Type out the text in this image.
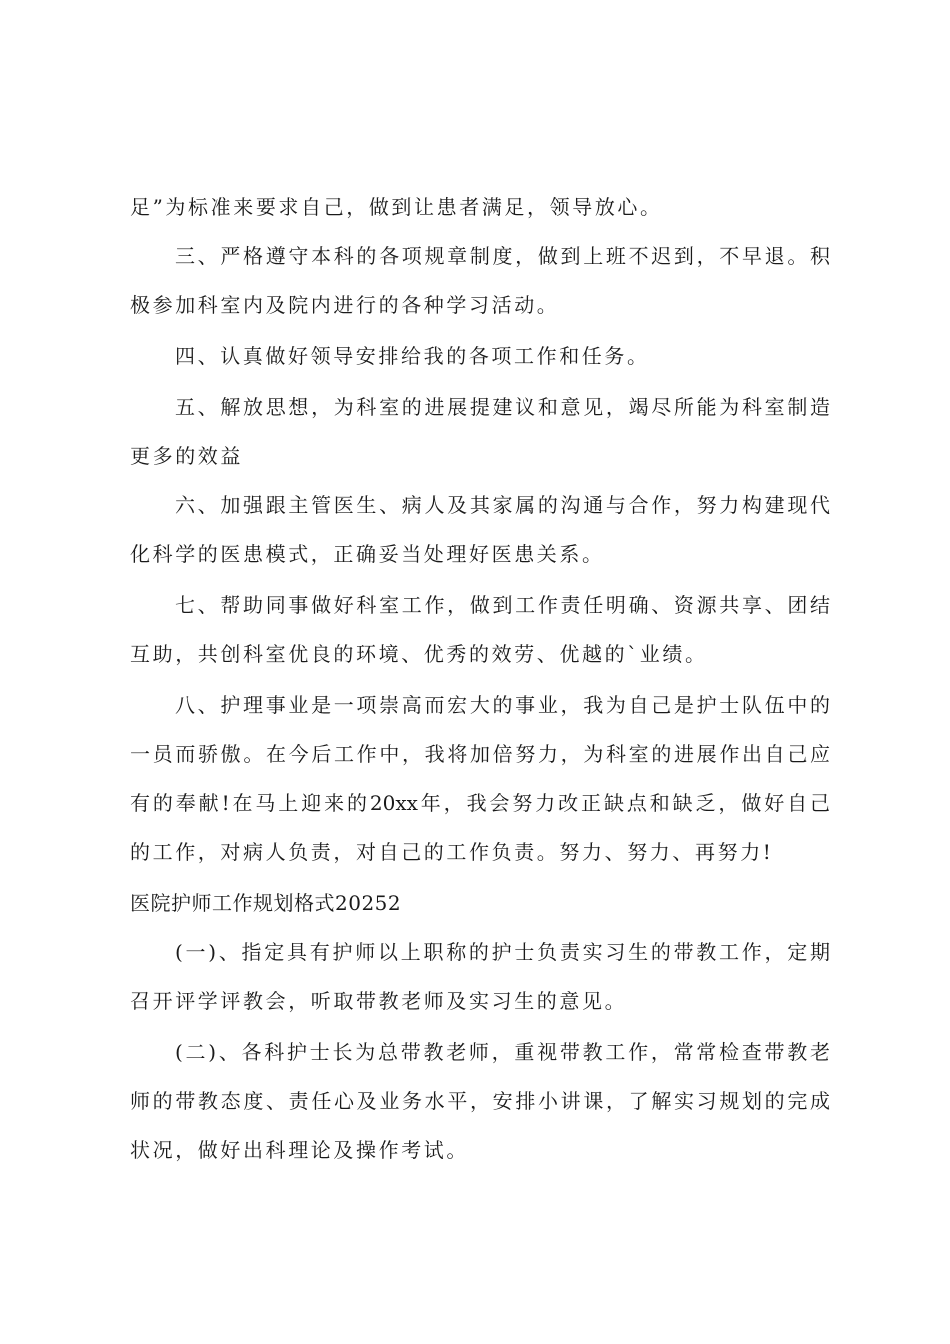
足”为标准来要求自己，做到让患者满足，领导放心。
三、严格遵守本科的各项规章制度，做到上班不迟到，不早退。积
极参加科室内及院内进行的各种学习活动。
四、认真做好领导安排给我的各项工作和任务。
五、解放思想，为科室的进展提建议和意见，竭尽所能为科室制造
更多的效益
六、加强跟主管医生、病人及其家属的沟通与合作，努力构建现代
化科学的医患模式，正确妥当处理好医患关系。
七、帮助同事做好科室工作，做到工作责任明确、资源共享、团结
互助，共创科室优良的环境、优秀的效劳、优越的`业绩。
八、护理事业是一项崇高而宏大的事业，我为自己是护士队伍中的
一员而骄傲。在今后工作中，我将加倍努力，为科室的进展作出自己应
有的奉献!在马上迎来的20xx年，我会努力改正缺点和缺乏，做好自己
的工作，对病人负责，对自己的工作负责。努力、努力、再努力!
医院护师工作规划格式20252
(一)、指定具有护师以上职称的护士负责实习生的带教工作，定期
召开评学评教会，听取带教老师及实习生的意见。
(二)、各科护士长为总带教老师，重视带教工作，常常检查带教老
师的带教态度、责任心及业务水平，安排小讲课，了解实习规划的完成
状况，做好出科理论及操作考试。
